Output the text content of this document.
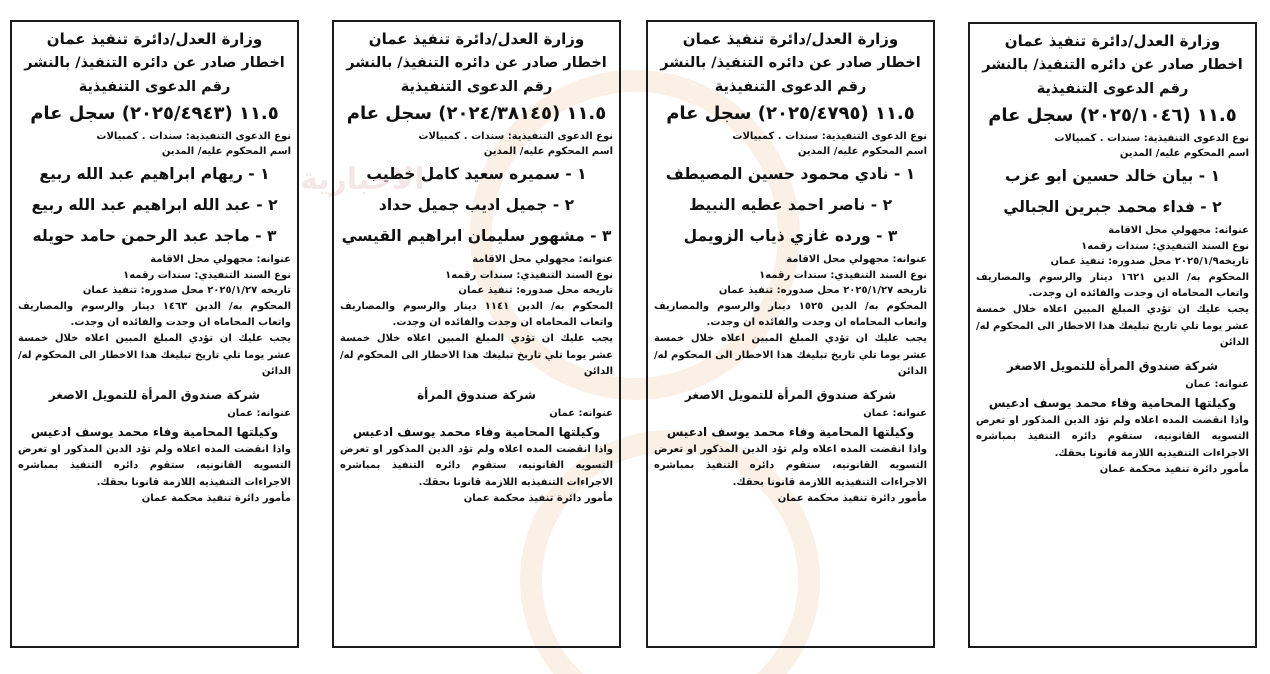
الاخبارية
وزارة العدل/دائرة تنفيذ عمان
اخطار صادر عن دائره التنفيذ/ بالنشر
رقم الدعوى التنفيذية
١١.٥ (٢٠٢٥/١٠٤٦) سجل عام
نوع الدعوى التنفيذية: سندات . كمبيالات
اسم المحكوم عليه/ المدين
١ - بيان خالد حسين ابو عزب
٢ - فداء محمد جبرين الجبالي
عنوانه: مجهولي محل الاقامة
نوع السند التنفيذي: سندات رقمه١
تاريخه٢٠٢٥/١/٩ محل صدوره: تنفيذ عمان

المحكوم به/ الدين ١٦٢١ دينار والرسوم والمصاريف واتعاب المحاماه ان وجدت والفائده ان وجدت.

يجب عليك ان تؤدي المبلغ المبين اعلاه خلال خمسة عشر يوما تلي تاريخ تبليغك هذا الاخطار الى المحكوم له/ الدائن

شركة صندوق المرأة للتمويل الاصغر
عنوانه: عمان
وكيلتها المحامية وفاء محمد يوسف ادعيس

واذا انقضت المده اعلاه ولم تؤد الدين المذكور او تعرض التسويه القانونيه، ستقوم دائره التنفيذ بمباشره الاجراءات التنفيذيه اللازمة قانونا بحقك.

مأمور دائرة تنفيذ محكمة عمان
وزارة العدل/دائرة تنفيذ عمان
اخطار صادر عن دائره التنفيذ/ بالنشر
رقم الدعوى التنفيذية
١١.٥ (٢٠٢٥/٤٧٩٥) سجل عام
نوع الدعوى التنفيذية: سندات . كمبيالات
اسم المحكوم عليه/ المدين
١ - نادي محمود حسين المصيطف
٢ - ناصر احمد عطيه النبيط
٣ - ورده غازي ذياب الزويمل
عنوانه: مجهولي محل الاقامة
نوع السند التنفيذي: سندات رقمه١
تاريخه ٢٠٢٥/١/٢٧ محل صدوره: تنفيذ عمان

المحكوم به/ الدين ١٥٢٥ دينار والرسوم والمصاريف واتعاب المحاماه ان وجدت والفائده ان وجدت.

يجب عليك ان تؤدي المبلغ المبين اعلاه خلال خمسة عشر يوما تلي تاريخ تبليغك هذا الاخطار الى المحكوم له/ الدائن

شركة صندوق المرأة للتمويل الاصغر
عنوانه: عمان
وكيلتها المحامية وفاء محمد يوسف ادعيس

واذا انقضت المده اعلاه ولم تؤد الدين المذكور او تعرض التسويه القانونيه، ستقوم دائره التنفيذ بمباشره الاجراءات التنفيذيه اللازمة قانونا بحقك.

مأمور دائرة تنفيذ محكمة عمان
وزارة العدل/دائرة تنفيذ عمان
اخطار صادر عن دائره التنفيذ/ بالنشر
رقم الدعوى التنفيذية
١١.٥ (٢٠٢٤/٣٨١٤٥) سجل عام
نوع الدعوى التنفيذية: سندات . كمبيالات
اسم المحكوم عليه/ المدين
١ - سميره سعيد كامل خطيب
٢ - جميل اديب جميل حداد
٣ - مشهور سليمان ابراهيم القيسي
عنوانه: مجهولي محل الاقامة
نوع السند التنفيذي: سندات رقمه١
تاريخه محل صدوره: تنفيذ عمان

المحكوم به/ الدين ١١٤١ دينار والرسوم والمصاريف واتعاب المحاماه ان وجدت والفائده ان وجدت.

يجب عليك ان تؤدي المبلغ المبين اعلاه خلال خمسة عشر يوما تلي تاريخ تبليغك هذا الاخطار الى المحكوم له/ الدائن

شركة صندوق المرأة
عنوانه: عمان
وكيلتها المحامية وفاء محمد يوسف ادعيس

واذا انقضت المده اعلاه ولم تؤد الدين المذكور او تعرض التسويه القانونيه، ستقوم دائره التنفيذ بمباشره الاجراءات التنفيذيه اللازمة قانونا بحقك.

مأمور دائرة تنفيذ محكمة عمان
وزارة العدل/دائرة تنفيذ عمان
اخطار صادر عن دائره التنفيذ/ بالنشر
رقم الدعوى التنفيذية
١١.٥ (٢٠٢٥/٤٩٤٣) سجل عام
نوع الدعوى التنفيذية: سندات . كمبيالات
اسم المحكوم عليه/ المدين
١ - ريهام ابراهيم عبد الله ربيع
٢ - عبد الله ابراهيم عبد الله ربيع
٣ - ماجد عبد الرحمن حامد حويله
عنوانه: مجهولي محل الاقامة
نوع السند التنفيذي: سندات رقمه١
تاريخه ٢٠٢٥/١/٢٧ محل صدوره: تنفيذ عمان

المحكوم به/ الدين ١٤٦٣ دينار والرسوم والمصاريف واتعاب المحاماه ان وجدت والفائده ان وجدت.

يجب عليك ان تؤدي المبلغ المبين اعلاه خلال خمسة عشر يوما تلي تاريخ تبليغك هذا الاخطار الى المحكوم له/ الدائن

شركة صندوق المرأة للتمويل الاصغر
عنوانه: عمان
وكيلتها المحامية وفاء محمد يوسف ادعيس

واذا انقضت المده اعلاه ولم تؤد الدين المذكور او تعرض التسويه القانونيه، ستقوم دائره التنفيذ بمباشره الاجراءات التنفيذيه اللازمة قانونا بحقك.

مأمور دائرة تنفيذ محكمة عمان
